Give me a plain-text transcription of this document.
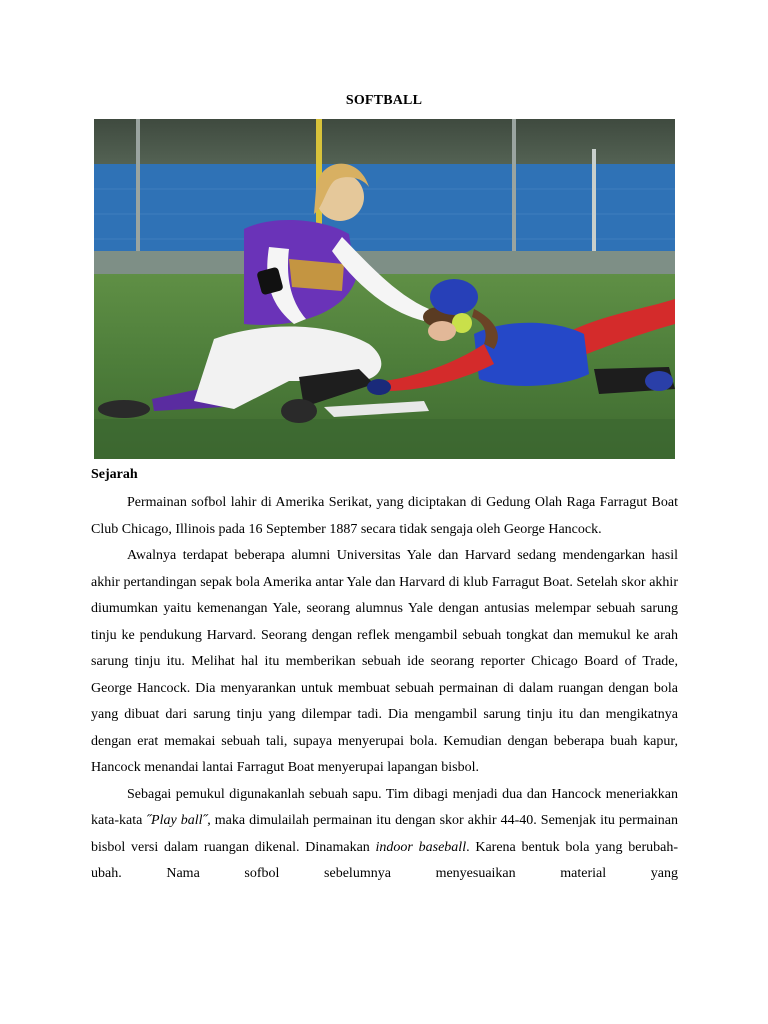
SOFTBALL
Sejarah

Permainan sofbol lahir di Amerika Serikat, yang diciptakan di Gedung Olah Raga Farragut Boat Club Chicago, Illinois pada 16 September 1887 secara tidak sengaja oleh George Hancock.

Awalnya terdapat beberapa alumni Universitas Yale dan Harvard sedang mendengarkan hasil akhir pertandingan sepak bola Amerika antar Yale dan Harvard di klub Farragut Boat. Setelah skor akhir diumumkan yaitu kemenangan Yale, seorang alumnus Yale dengan antusias melempar sebuah sarung tinju ke pendukung Harvard. Seorang dengan reflek mengambil sebuah tongkat dan memukul ke arah sarung tinju itu. Melihat hal itu memberikan sebuah ide seorang reporter Chicago Board of Trade, George Hancock. Dia menyarankan untuk membuat sebuah permainan di dalam ruangan dengan bola yang dibuat dari sarung tinju yang dilempar tadi. Dia mengambil sarung tinju itu dan mengikatnya dengan erat memakai sebuah tali, supaya menyerupai bola. Kemudian dengan beberapa buah kapur, Hancock menandai lantai Farragut Boat menyerupai lapangan bisbol.

Sebagai pemukul digunakanlah sebuah sapu. Tim dibagi menjadi dua dan Hancock meneriakkan kata-kata ˝Play ball˝, maka dimulailah permainan itu dengan skor akhir 44-40. Semenjak itu permainan bisbol versi dalam ruangan dikenal. Dinamakan indoor baseball. Karena bentuk bola yang berubah-ubah. Nama sofbol sebelumnya menyesuaikan material yang
